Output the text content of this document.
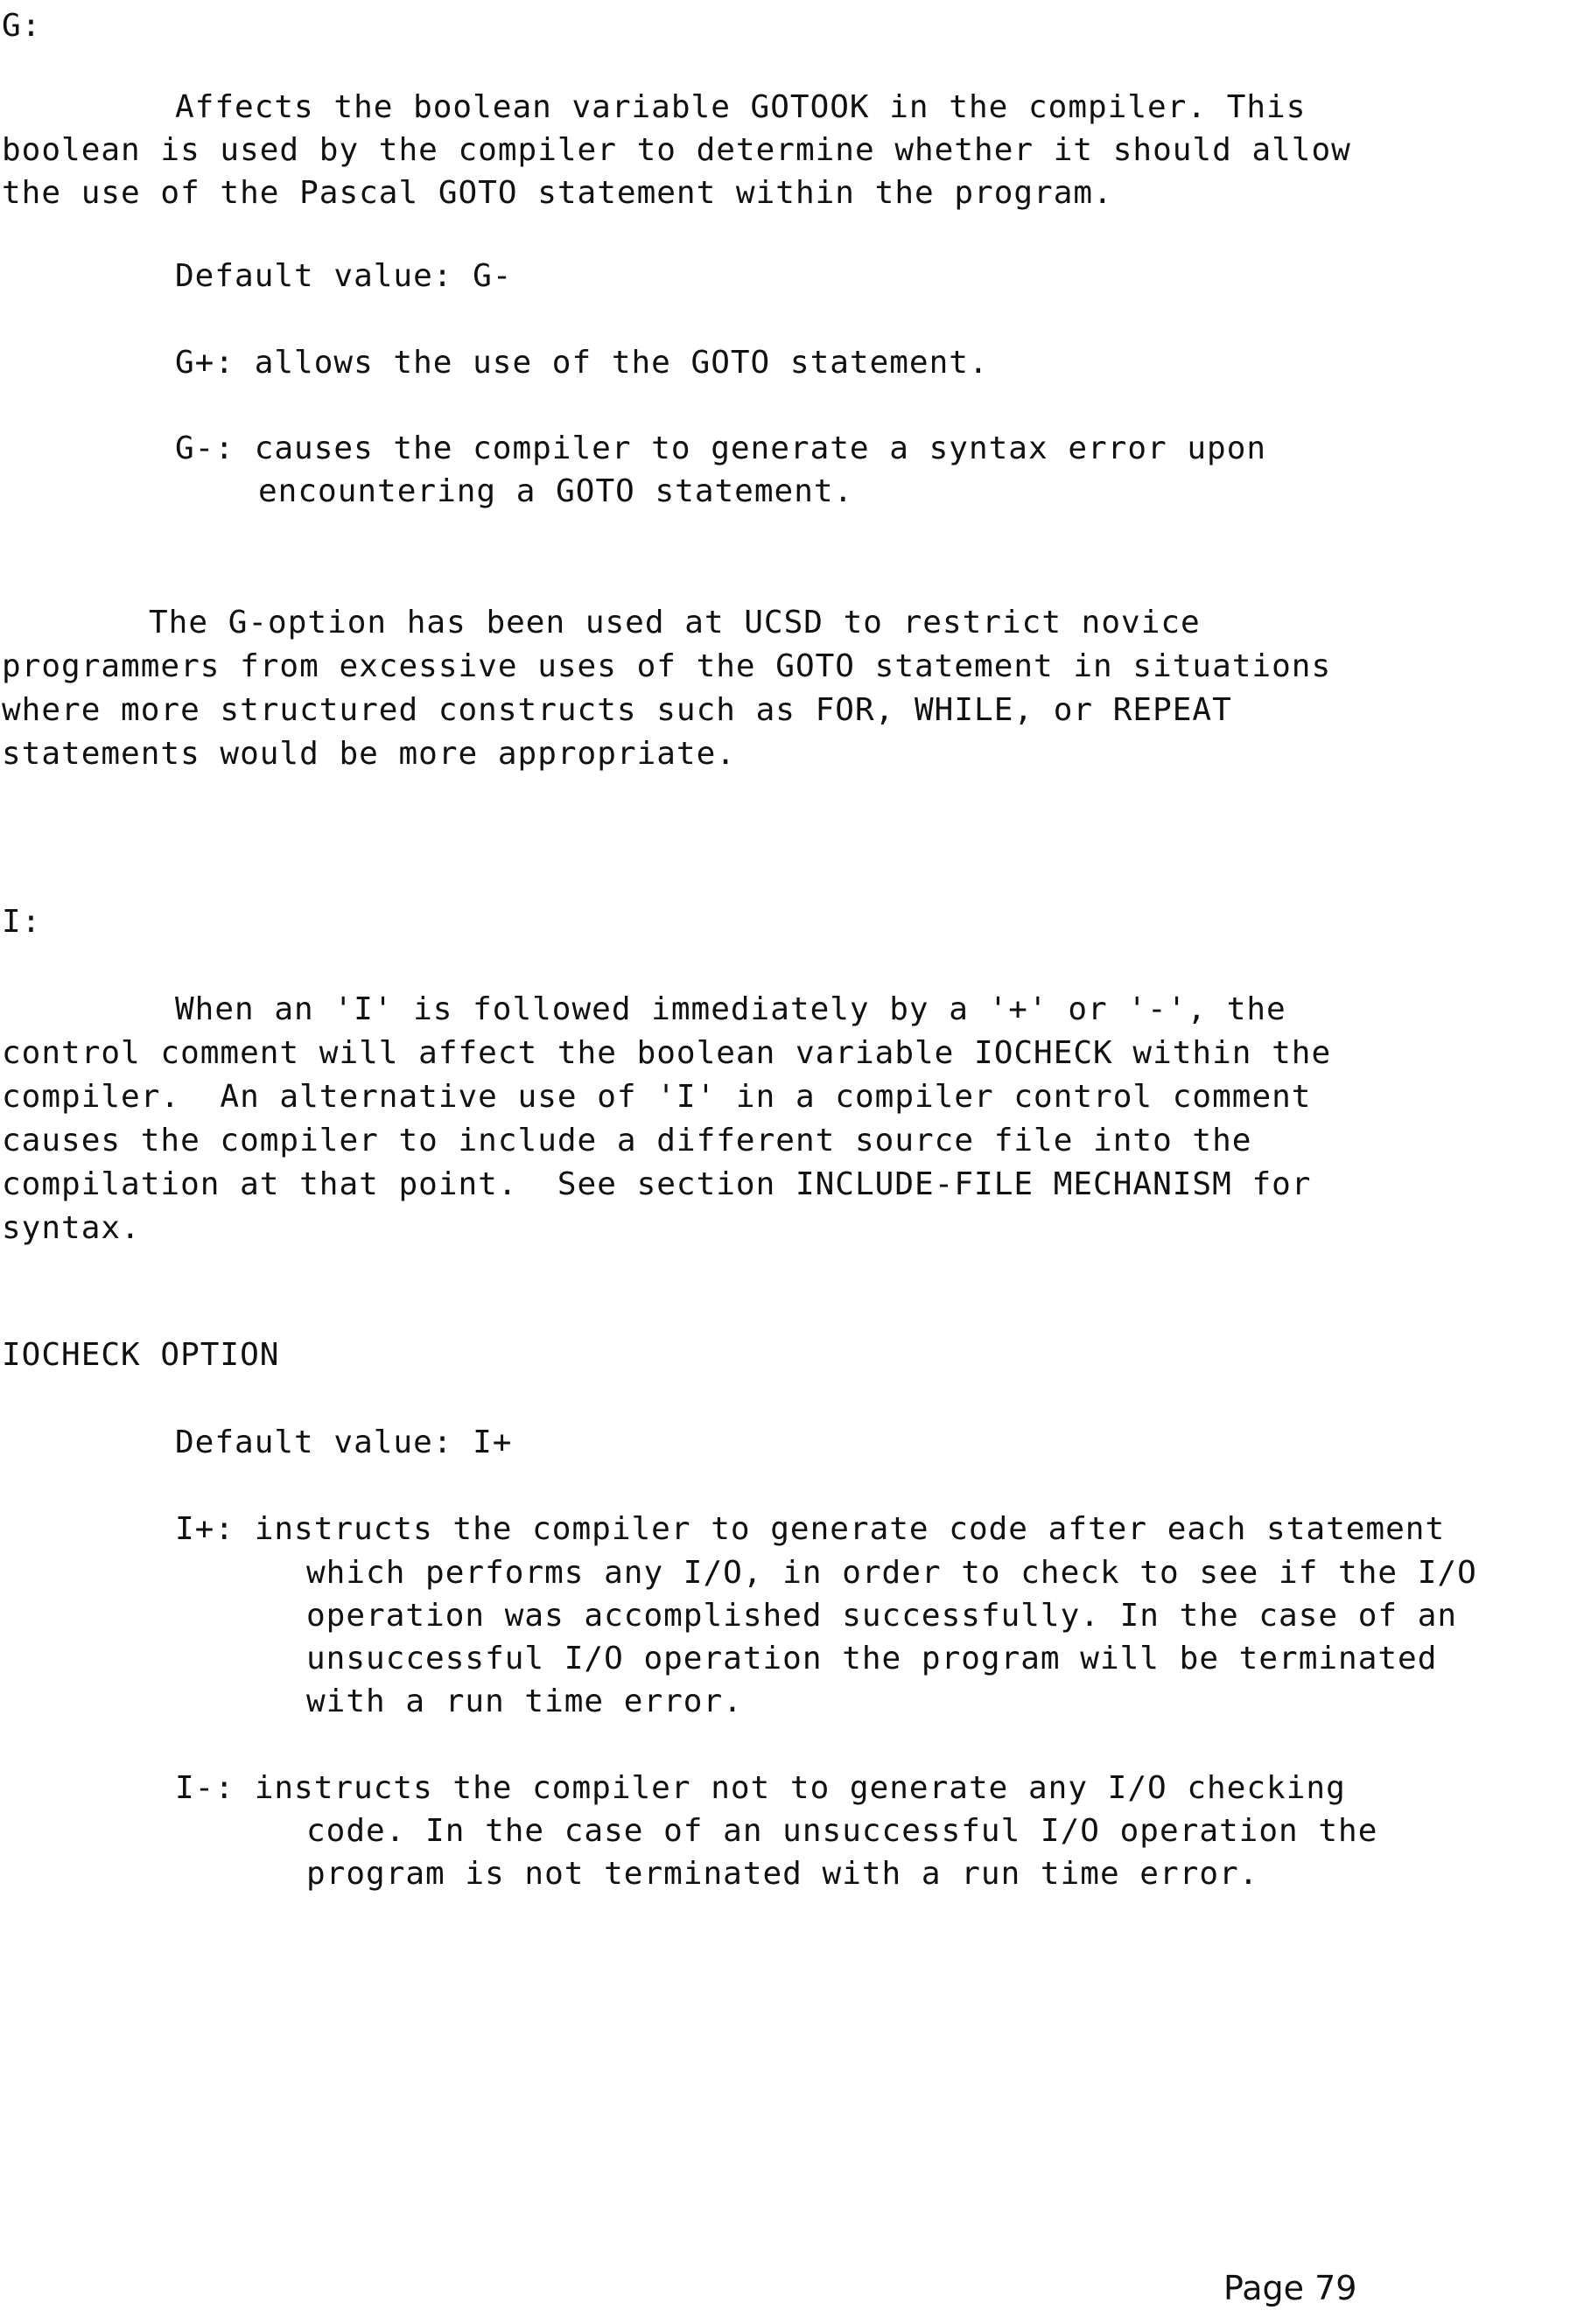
G:
Affects the boolean variable GOTOOK in the compiler. This
boolean is used by the compiler to determine whether it should allow
the use of the Pascal GOTO statement within the program.
Default value: G-
G+: allows the use of the GOTO statement.
G-: causes the compiler to generate a syntax error upon
encountering a GOTO statement.
The G-option has been used at UCSD to restrict novice
programmers from excessive uses of the GOTO statement in situations
where more structured constructs such as FOR, WHILE, or REPEAT
statements would be more appropriate.
I:
When an 'I' is followed immediately by a '+' or '-', the
control comment will affect the boolean variable IOCHECK within the
compiler.  An alternative use of 'I' in a compiler control comment
causes the compiler to include a different source file into the
compilation at that point.  See section INCLUDE-FILE MECHANISM for
syntax.
IOCHECK OPTION
Default value: I+
I+: instructs the compiler to generate code after each statement
which performs any I/O, in order to check to see if the I/O
operation was accomplished successfully. In the case of an
unsuccessful I/O operation the program will be terminated
with a run time error.
I-: instructs the compiler not to generate any I/O checking
code. In the case of an unsuccessful I/O operation the
program is not terminated with a run time error.
Page 79
